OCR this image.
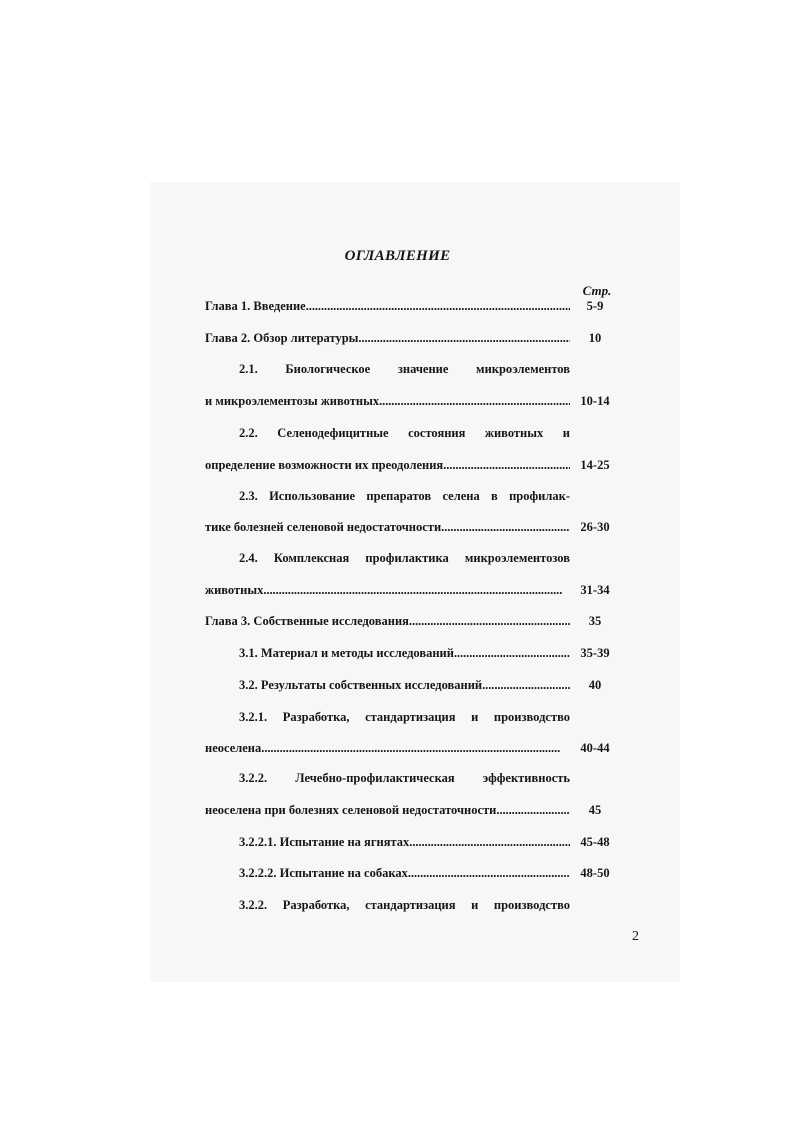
ОГЛАВЛЕНИЕ
Стр.
Глава 1. Введение . . .	5-9
Глава 2. Обзор литературы . . .	10
2.1. Биологическое значение микроэлементов
и микроэлементозы животных . . .	10-14
2.2. Селенодефицитные состояния животных и
определение возможности их преодоления . . .	14-25
2.3. Использование препаратов селена в профилак-
тике болезней селеновой недостаточности . . .	26-30
2.4. Комплексная профилактика микроэлементозов
животных . . .	31-34
Глава 3. Собственные исследования . . .	35
3.1. Материал и методы исследований . . .	35-39
3.2. Результаты собственных исследований . . .	40
3.2.1. Разработка, стандартизация и производство
неоселена . . .	40-44
3.2.2. Лечебно-профилактическая эффективность
неоселена при болезнях селеновой недостаточности . . .	45
3.2.2.1. Испытание на ягнятах . . .	45-48
3.2.2.2. Испытание на собаках . . .	48-50
3.2.2. Разработка, стандартизация и производство
2
